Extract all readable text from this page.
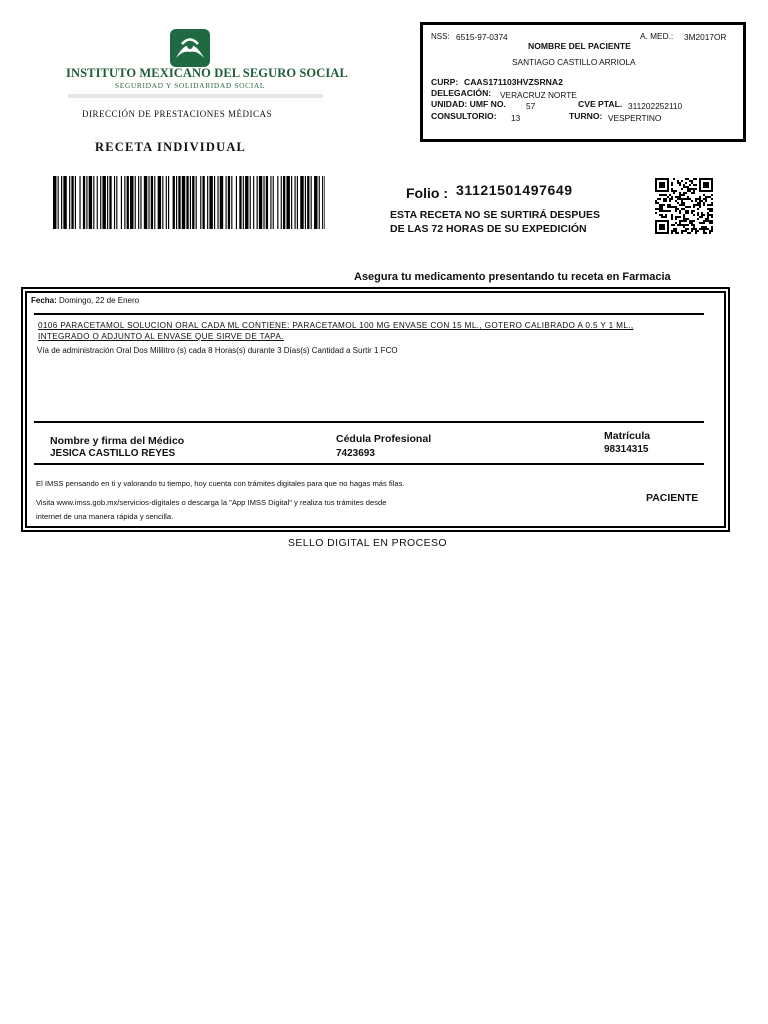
INSTITUTO MEXICANO DEL SEGURO SOCIAL
SEGURIDAD Y SOLIDARIDAD SOCIAL
DIRECCIÓN DE PRESTACIONES MÉDICAS
RECETA INDIVIDUAL
NSS: 6515-97-0374	A. MED.: 3M2017OR
NOMBRE DEL PACIENTE
SANTIAGO CASTILLO ARRIOLA
CURP: CAAS171103HVZSRNA2
DELEGACIÓN: VERACRUZ NORTE
UNIDAD: UMF NO. 57	CVE PTAL. 311202252110
CONSULTORIO: 13	TURNO: VESPERTINO
Folio : 31121501497649
ESTA RECETA NO SE SURTIRÁ DESPUES
DE LAS 72 HORAS DE SU EXPEDICIÓN
Asegura tu medicamento presentando tu receta en Farmacia
Fecha: Domingo, 22 de Enero
0106 PARACETAMOL SOLUCION ORAL CADA ML CONTIENE: PARACETAMOL 100 MG ENVASE CON 15 ML., GOTERO CALIBRADO A 0.5 Y 1 ML.,
INTEGRADO O ADJUNTO AL ENVASE QUE SIRVE DE TAPA.
Vía de administración Oral Dos Mililitro (s) cada 8 Horas(s) durante 3 Días(s) Cantidad a Surtir 1 FCO
Nombre y firma del Médico
JESICA CASTILLO REYES
Cédula Profesional
7423693
Matrícula
98314315
El IMSS pensando en ti y valorando tu tiempo, hoy cuenta con trámites digitales para que no hagas más filas.
Visita www.imss.gob.mx/servicios-digitales o descarga la "App IMSS Digital" y realiza tus trámites desde
internet de una manera rápida y sencilla.
PACIENTE
SELLO DIGITAL EN PROCESO
